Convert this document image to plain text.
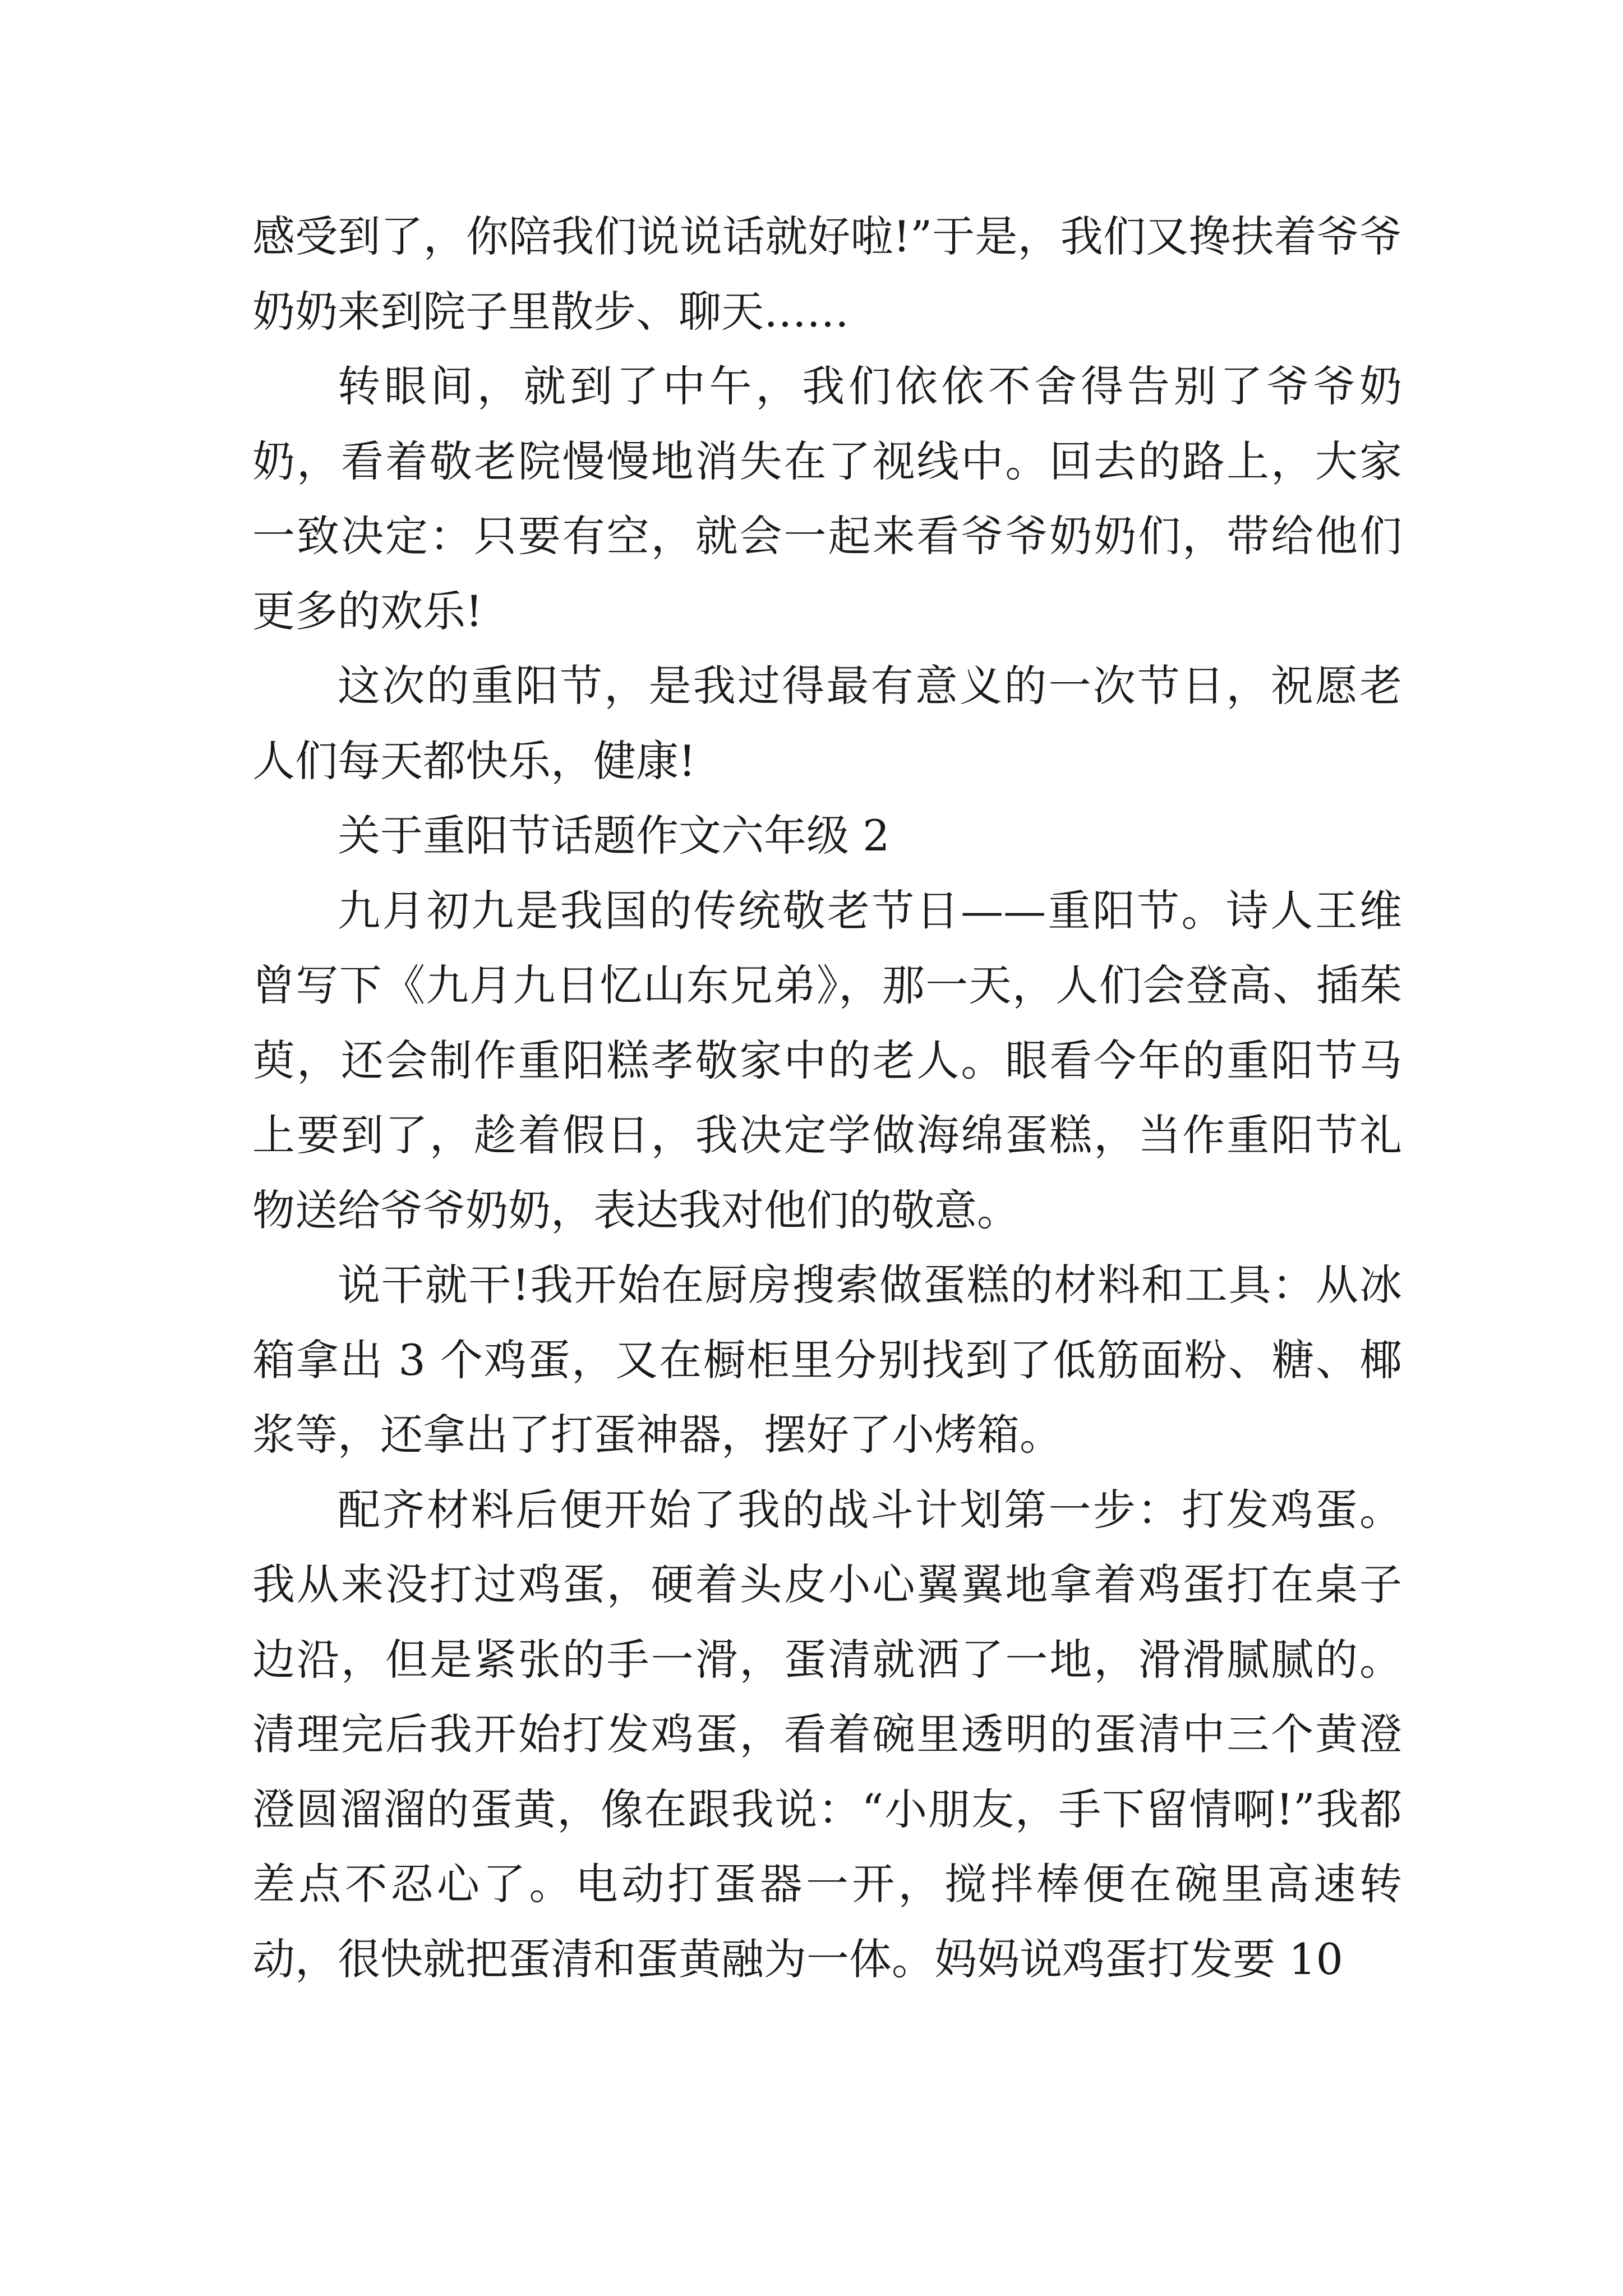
感受到了，你陪我们说说话就好啦!”于是，我们又搀扶着爷爷奶奶来到院子里散步、聊天……

转眼间，就到了中午，我们依依不舍得告别了爷爷奶奶，看着敬老院慢慢地消失在了视线中。回去的路上，大家一致决定：只要有空，就会一起来看爷爷奶奶们，带给他们更多的欢乐!

这次的重阳节，是我过得最有意义的一次节日，祝愿老人们每天都快乐，健康!

关于重阳节话题作文六年级 2

九月初九是我国的传统敬老节日——重阳节。诗人王维曾写下《九月九日忆山东兄弟》，那一天，人们会登高、插茱萸，还会制作重阳糕孝敬家中的老人。眼看今年的重阳节马上要到了，趁着假日，我决定学做海绵蛋糕，当作重阳节礼物送给爷爷奶奶，表达我对他们的敬意。

说干就干!我开始在厨房搜索做蛋糕的材料和工具：从冰箱拿出 3 个鸡蛋，又在橱柜里分别找到了低筋面粉、糖、椰浆等，还拿出了打蛋神器，摆好了小烤箱。

配齐材料后便开始了我的战斗计划第一步：打发鸡蛋。我从来没打过鸡蛋，硬着头皮小心翼翼地拿着鸡蛋打在桌子边沿，但是紧张的手一滑，蛋清就洒了一地，滑滑腻腻的。清理完后我开始打发鸡蛋，看着碗里透明的蛋清中三个黄澄澄圆溜溜的蛋黄，像在跟我说：“小朋友，手下留情啊!”我都差点不忍心了。电动打蛋器一开，搅拌棒便在碗里高速转动，很快就把蛋清和蛋黄融为一体。妈妈说鸡蛋打发要 10
